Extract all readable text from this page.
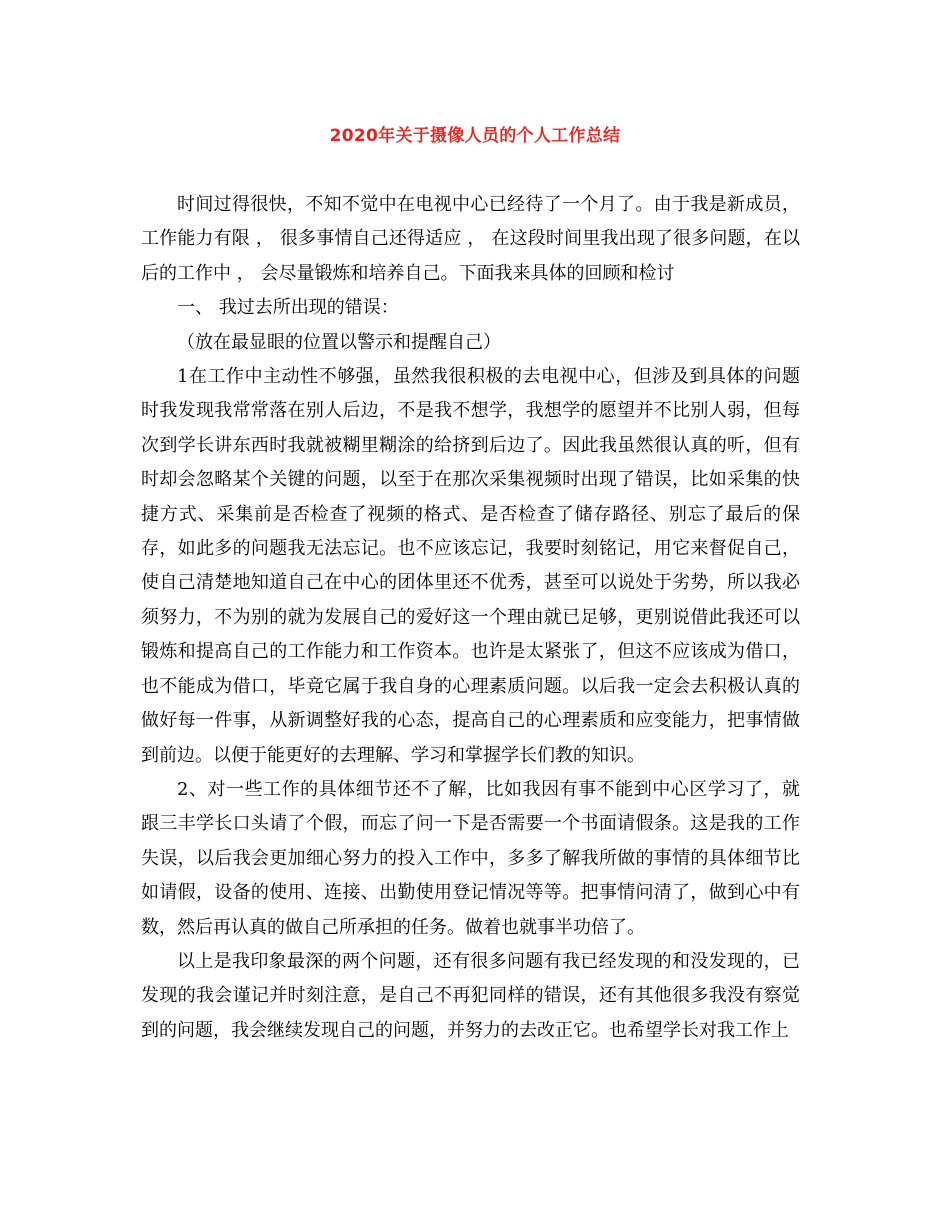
2020年关于摄像人员的个人工作总结

时间过得很快，不知不觉中在电视中心已经待了一个月了。由于我是新成员，工作能力有限 ， 很多事情自己还得适应 ， 在这段时间里我出现了很多问题，在以后的工作中 ， 会尽量锻炼和培养自己。下面我来具体的回顾和检讨

一、 我过去所出现的错误：

（放在最显眼的位置以警示和提醒自己）

1在工作中主动性不够强，虽然我很积极的去电视中心，但涉及到具体的问题时我发现我常常落在别人后边，不是我不想学，我想学的愿望并不比别人弱，但每次到学长讲东西时我就被糊里糊涂的给挤到后边了。因此我虽然很认真的听，但有时却会忽略某个关键的问题，以至于在那次采集视频时出现了错误，比如采集的快捷方式、采集前是否检查了视频的格式、是否检查了储存路径、别忘了最后的保存，如此多的问题我无法忘记。也不应该忘记，我要时刻铭记，用它来督促自己，使自己清楚地知道自己在中心的团体里还不优秀，甚至可以说处于劣势，所以我必须努力，不为别的就为发展自己的爱好这一个理由就已足够，更别说借此我还可以锻炼和提高自己的工作能力和工作资本。也许是太紧张了，但这不应该成为借口，也不能成为借口，毕竟它属于我自身的心理素质问题。以后我一定会去积极认真的做好每一件事，从新调整好我的心态，提高自己的心理素质和应变能力，把事情做到前边。以便于能更好的去理解、学习和掌握学长们教的知识。

2、对一些工作的具体细节还不了解，比如我因有事不能到中心区学习了，就跟三丰学长口头请了个假，而忘了问一下是否需要一个书面请假条。这是我的工作失误，以后我会更加细心努力的投入工作中，多多了解我所做的事情的具体细节比如请假，设备的使用、连接、出勤使用登记情况等等。把事情问清了，做到心中有数，然后再认真的做自己所承担的任务。做着也就事半功倍了。

以上是我印象最深的两个问题，还有很多问题有我已经发现的和没发现的，已发现的我会谨记并时刻注意，是自己不再犯同样的错误，还有其他很多我没有察觉到的问题，我会继续发现自己的问题，并努力的去改正它。也希望学长对我工作上
